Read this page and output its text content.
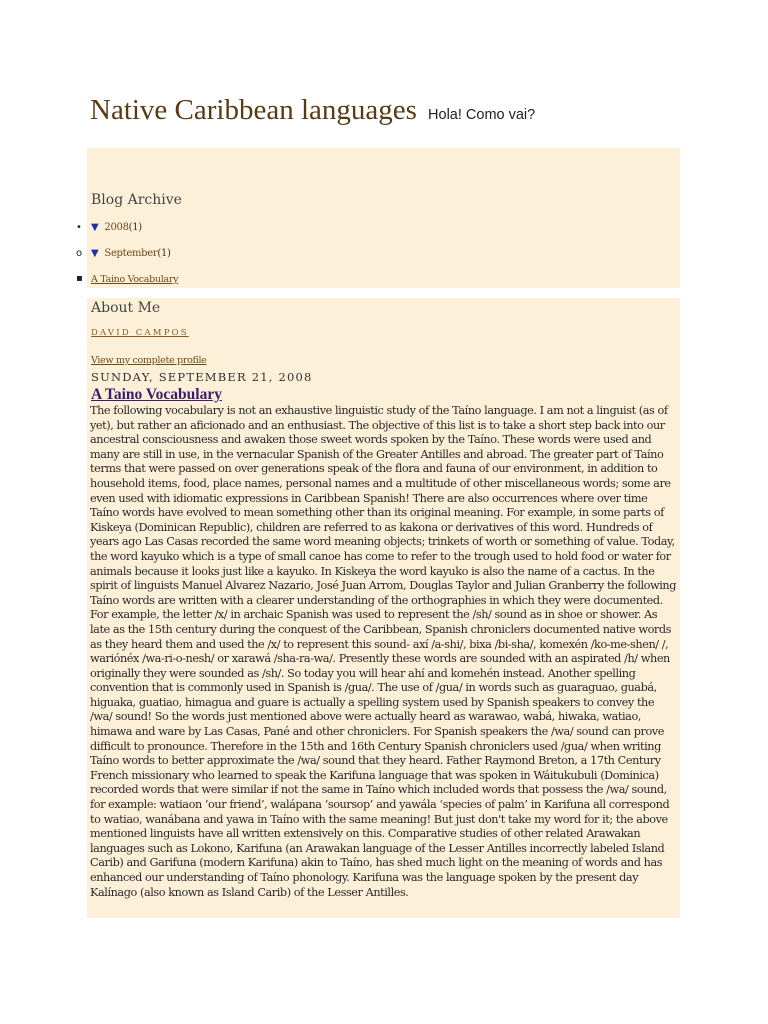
Native Caribbean languages Hola! Como vai?
Blog Archive
• ▼ 2008(1)
o ▼ September(1)
▪ A Taino Vocabulary
About Me
DAVID CAMPOS
View my complete profile
SUNDAY, SEPTEMBER 21, 2008
A Taino Vocabulary
The following vocabulary is not an exhaustive linguistic study of the Taíno language. I am not a linguist (as of yet), but rather an aficionado and an enthusiast. The objective of this list is to take a short step back into our ancestral consciousness and awaken those sweet words spoken by the Taíno. These words were used and many are still in use, in the vernacular Spanish of the Greater Antilles and abroad. The greater part of Taíno terms that were passed on over generations speak of the flora and fauna of our environment, in addition to household items, food, place names, personal names and a multitude of other miscellaneous words; some are even used with idiomatic expressions in Caribbean Spanish! There are also occurrences where over time Taíno words have evolved to mean something other than its original meaning. For example, in some parts of Kiskeya (Dominican Republic), children are referred to as kakona or derivatives of this word. Hundreds of years ago Las Casas recorded the same word meaning objects; trinkets of worth or something of value. Today, the word kayuko which is a type of small canoe has come to refer to the trough used to hold food or water for animals because it looks just like a kayuko. In Kiskeya the word kayuko is also the name of a cactus. In the spirit of linguists Manuel Alvarez Nazario, José Juan Arrom, Douglas Taylor and Julian Granberry the following Taíno words are written with a clearer understanding of the orthographies in which they were documented. For example, the letter /x/ in archaic Spanish was used to represent the /sh/ sound as in shoe or shower. As late as the 15th century during the conquest of the Caribbean, Spanish chroniclers documented native words as they heard them and used the /x/ to represent this sound- axí /a-shi/, bixa /bi-sha/, komexén /ko-me-shen/ /, wariónéx /wa-ri-o-nesh/ or xarawá /sha-ra-wa/. Presently these words are sounded with an aspirated /h/ when originally they were sounded as /sh/. So today you will hear ahí and komehén instead. Another spelling convention that is commonly used in Spanish is /gua/. The use of /gua/ in words such as guaraguao, guabá, higuaka, guatiao, himagua and guare is actually a spelling system used by Spanish speakers to convey the /wa/ sound! So the words just mentioned above were actually heard as warawao, wabá, hiwaka, watiao, himawa and ware by Las Casas, Pané and other chroniclers. For Spanish speakers the /wa/ sound can prove difficult to pronounce. Therefore in the 15th and 16th Century Spanish chroniclers used /gua/ when writing Taíno words to better approximate the /wa/ sound that they heard. Father Raymond Breton, a 17th Century French missionary who learned to speak the Karifuna language that was spoken in Wáitukubuli (Dominica) recorded words that were similar if not the same in Taíno which included words that possess the /wa/ sound, for example: watiaon ‘our friend’, walápana ‘soursop’ and yawála ‘species of palm’ in Karifuna all correspond to watiao, wanábana and yawa in Taíno with the same meaning! But just don't take my word for it; the above mentioned linguists have all written extensively on this. Comparative studies of other related Arawakan languages such as Lokono, Karifuna (an Arawakan language of the Lesser Antilles incorrectly labeled Island Carib) and Garifuna (modern Karifuna) akin to Taíno, has shed much light on the meaning of words and has enhanced our understanding of Taíno phonology. Karifuna was the language spoken by the present day Kalínago (also known as Island Carib) of the Lesser Antilles.
